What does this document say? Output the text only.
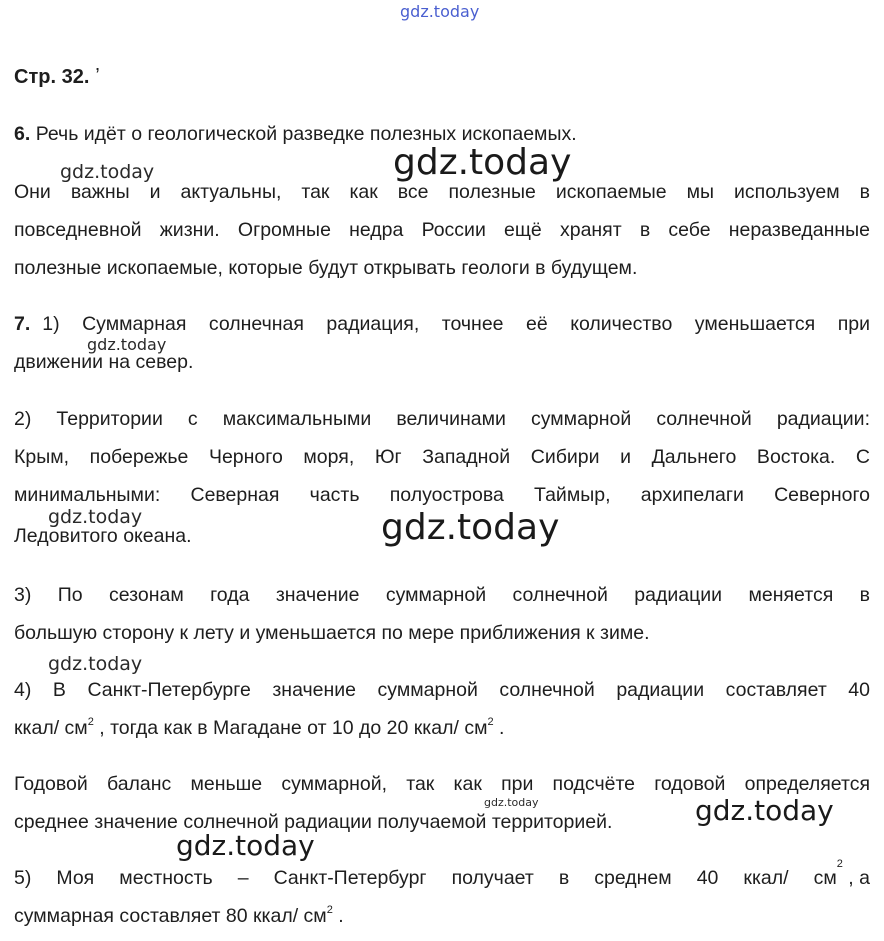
gdz.today
gdz.today	gdz.today
gdz.today
gdz.today	gdz.today
gdz.today
gdz.today	gdz.today
gdz.today
Стр. 32. ʼ
6. Речь идёт о геологической разведке полезных ископаемых.
Они важны и актуальны, так как все полезные ископаемые мы используем в
повседневной жизни. Огромные недра России ещё хранят в себе неразведанные
полезные ископаемые, которые будут открывать геологи в будущем.
7. 1) Суммарная солнечная радиация, точнее её количество уменьшается при
движении на север.
2) Территории с максимальными величинами суммарной солнечной радиации:
Крым, побережье Черного моря, Юг Западной Сибири и Дальнего Востока. С
минимальными: Северная часть полуострова Таймыр, архипелаги Северного
Ледовитого океана.
3) По сезонам года значение суммарной солнечной радиации меняется в
большую сторону к лету и уменьшается по мере приближения к зиме.
4) В Санкт-Петербурге значение суммарной солнечной радиации составляет 40
ккал/ $см^2$ , тогда как в Магадане от 10 до 20 ккал/ $см^2$ .
Годовой баланс меньше суммарной, так как при подсчёте годовой определяется
среднее значение солнечной радиации получаемой территорией.
5) Моя местность – Санкт-Петербург получает в среднем 40 ккал/ см
2
, а
суммарная составляет 80 ккал/ $см^2$ .
